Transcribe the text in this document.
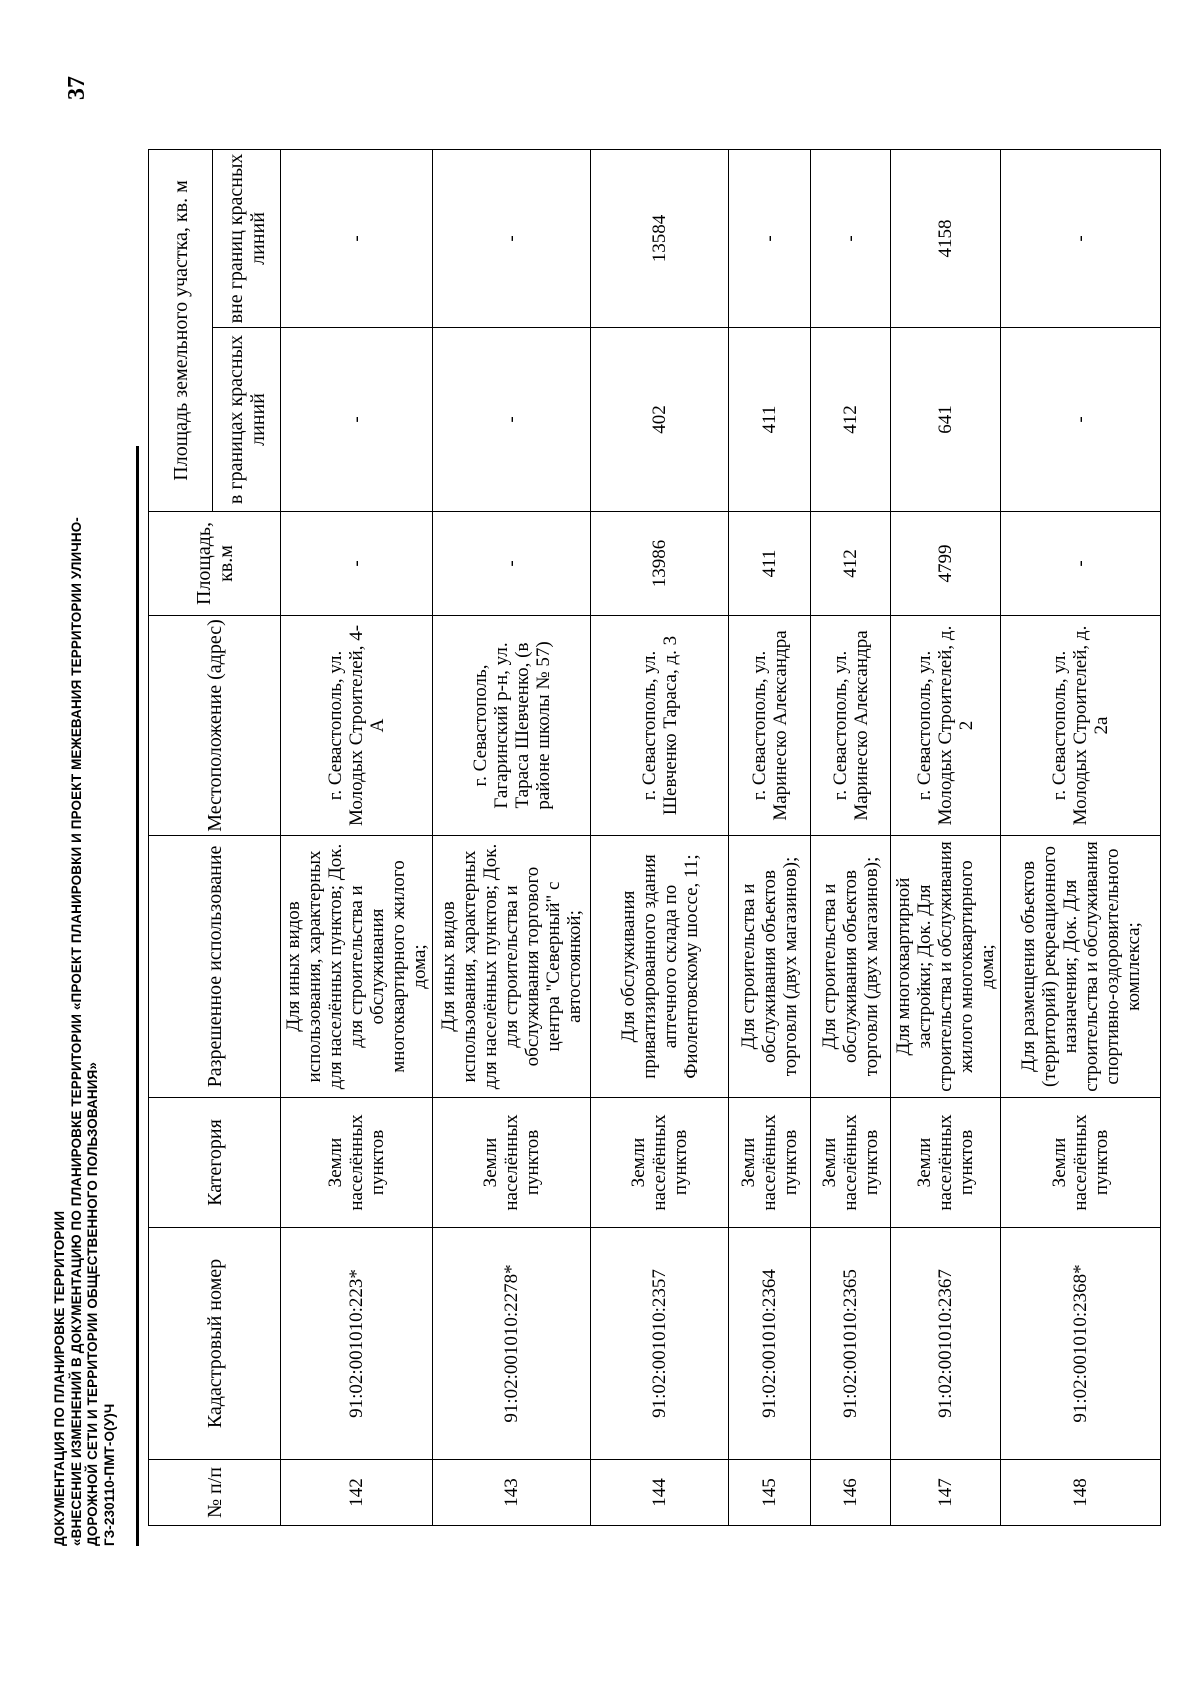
ДОКУМЕНТАЦИЯ ПО ПЛАНИРОВКЕ ТЕРРИТОРИИ «ВНЕСЕНИЕ ИЗМЕНЕНИЙ В ДОКУМЕНТАЦИЮ ПО ПЛАНИРОВКЕ ТЕРРИТОРИИ «ПРОЕКТ ПЛАНИРОВКИ И ПРОЕКТ МЕЖЕВАНИЯ ТЕРРИТОРИИ УЛИЧНО- ДОРОЖНОЙ СЕТИ И ТЕРРИТОРИИ ОБЩЕСТВЕННОГО ПОЛЬЗОВАНИЯ» ГЗ-230110-ПМТ-О(У)Ч
37
№ п/п	Кадастровый номер	Категория	Разрешенное использование	Местоположение (адрес)	Площадь, кв.м	Площадь земельного участка, кв. м	
						в границах красных линий	вне границ красных линий
142	91:02:001010:223*	Земли населённых пунктов	Для иных видов использования, характерных для населённых пунктов; Док. для строительства и обслуживания многоквартирного жилого дома;	г. Севастополь, ул. Молодых Строителей, 4-А	-	-	-
143	91:02:001010:2278*	Земли населённых пунктов	Для иных видов использования, характерных для населённых пунктов; Док. для строительства и обслуживания торгового центра "Северный" с автостоянкой;	г. Севастополь, Гагаринский р-н, ул. Тараса Шевченко, (в районе школы № 57)	-	-	-
144	91:02:001010:2357	Земли населённых пунктов	Для обслуживания приватизированного здания аптечного склада по Фиолентовскому шоссе, 11;	г. Севастополь, ул. Шевченко Тараса, д. 3	13986	402	13584
145	91:02:001010:2364	Земли населённых пунктов	Для строительства и обслуживания объектов торговли (двух магазинов);	г. Севастополь, ул. Маринеско Александра	411	411	-
146	91:02:001010:2365	Земли населённых пунктов	Для строительства и обслуживания объектов торговли (двух магазинов);	г. Севастополь, ул. Маринеско Александра	412	412	-
147	91:02:001010:2367	Земли населённых пунктов	Для многоквартирной застройки; Док. Для строительства и обслуживания жилого многоквартирного дома;	г. Севастополь, ул. Молодых Строителей, д. 2	4799	641	4158
148	91:02:001010:2368*	Земли населённых пунктов	Для размещения объектов (территорий) рекреационного назначения; Док. Для строительства и обслуживания спортивно-оздоровительного комплекса;	г. Севастополь, ул. Молодых Строителей, д. 2а	-	-	-
